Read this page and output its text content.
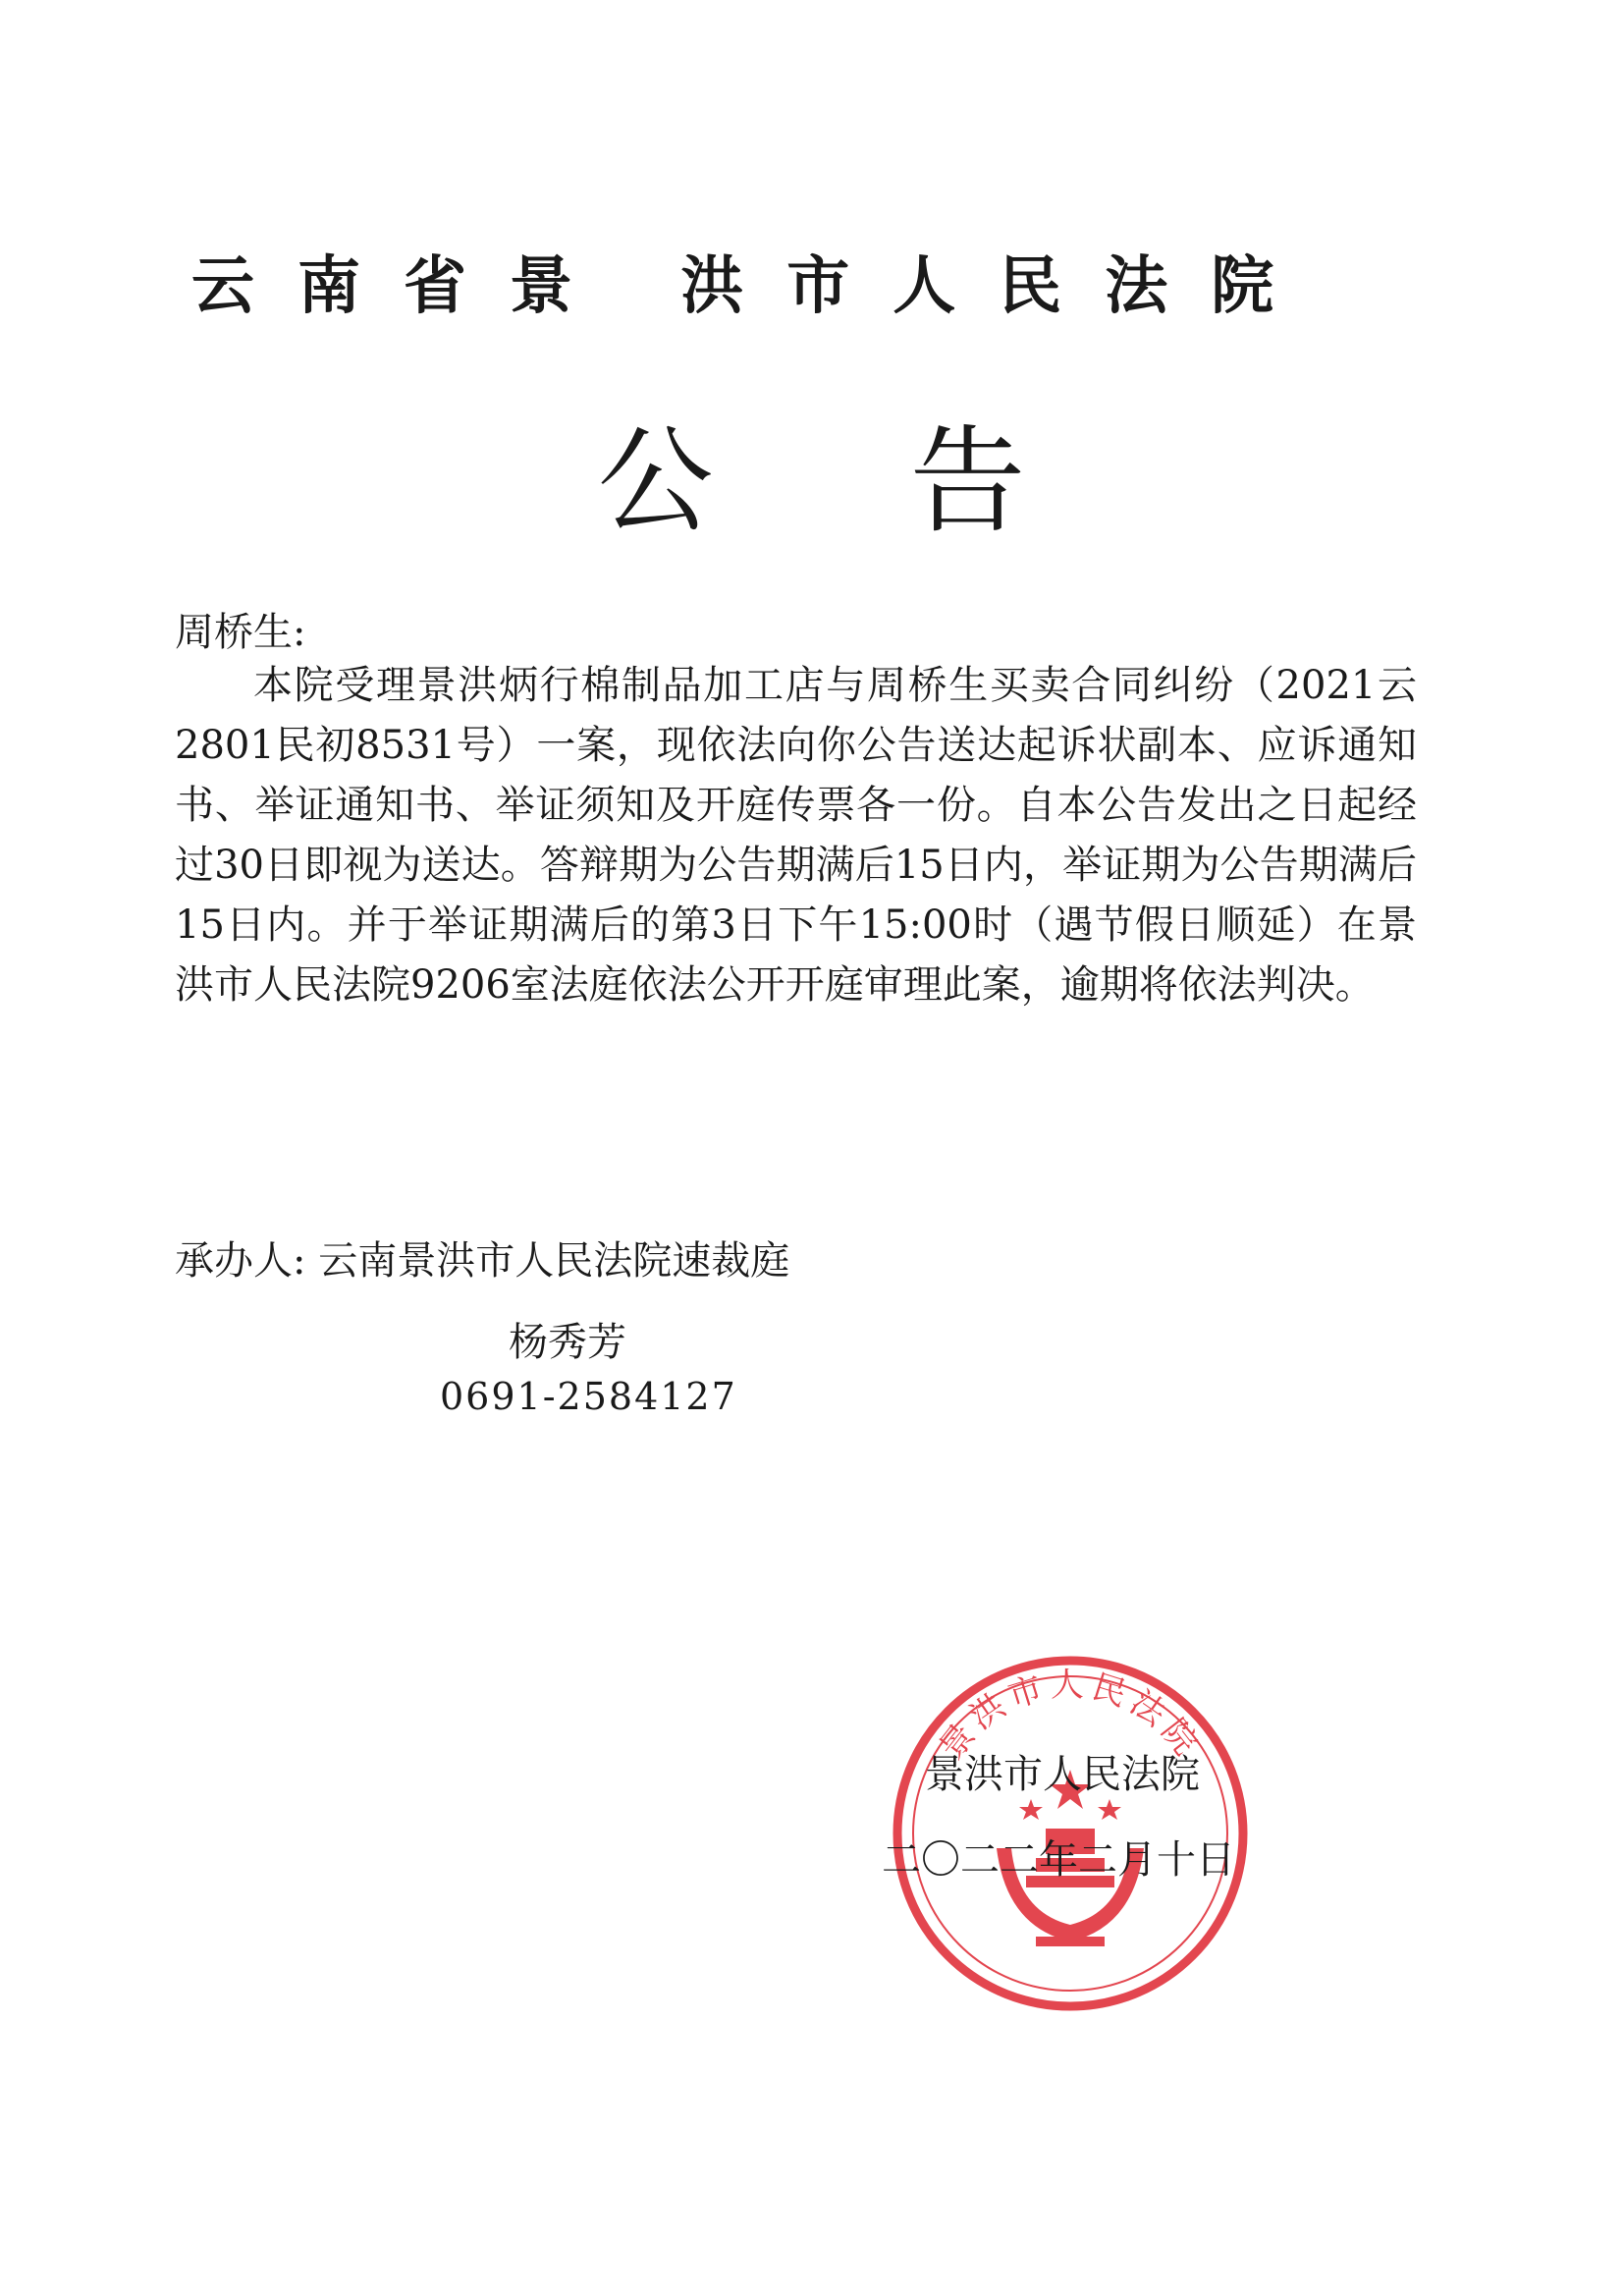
云南省景 洪市人民法院
公告
周桥生:
本院受理景洪炳行棉制品加工店与周桥生买卖合同纠纷（2021云2801民初8531号）一案，现依法向你公告送达起诉状副本、应诉通知书、举证通知书、举证须知及开庭传票各一份。自本公告发出之日起经过30日即视为送达。答辩期为公告期满后15日内，举证期为公告期满后15日内。并于举证期满后的第3日下午15:00时（遇节假日顺延）在景洪市人民法院9206室法庭依法公开开庭审理此案，逾期将依法判决。
承办人: 云南景洪市人民法院速裁庭
杨秀芳
0691-2584127
景洪市人民法院
景洪市人民法院
二〇二二年二月十日
